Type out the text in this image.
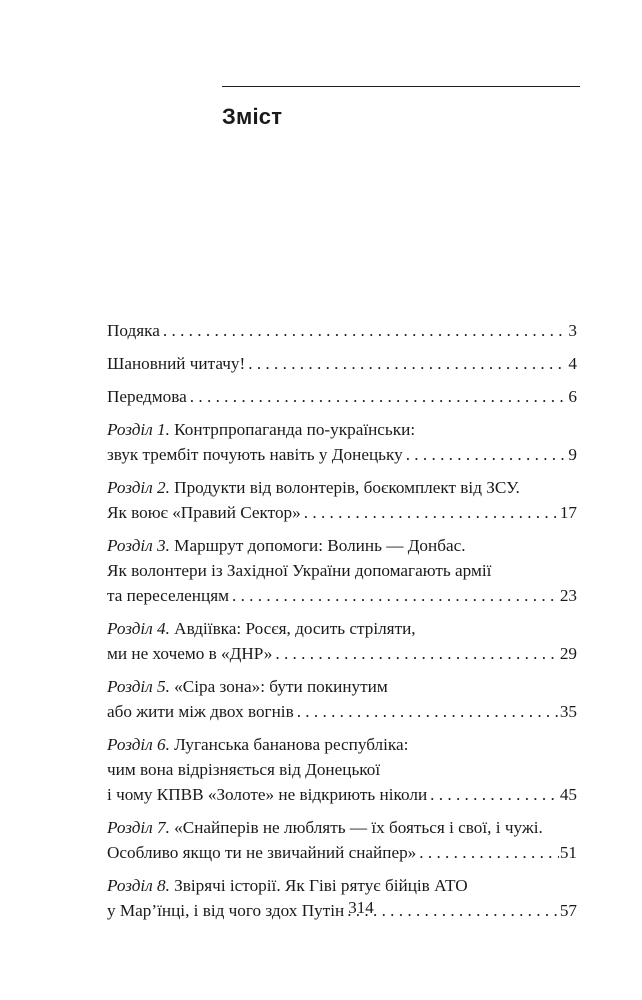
Зміст
Подяка . . .	3
Шановний читачу! . . .	4
Передмова . . .	6
Розділ 1. Контрпропаганда по-українськи:
звук трембіт почують навіть у Донецьку . . .	9
Розділ 2. Продукти від волонтерів, боєкомплект від ЗСУ.
Як воює «Правий Сектор» . . .	17
Розділ 3. Маршрут допомоги: Волинь — Донбас.
Як волонтери із Західної України допомагають армії
та переселенцям . . .	23
Розділ 4. Авдіївка: Росєя, досить стріляти,
ми не хочемо в «ДНР» . . .	29
Розділ 5. «Сіра зона»: бути покинутим
або жити між двох вогнів . . .	35
Розділ 6. Луганська банановa республіка:
чим вона відрізняється від Донецької
і чому КПВВ «Золоте» не відкриють ніколи . . .	45
Розділ 7. «Снайперів не люблять — їх бояться і свої, і чужі.
Особливо якщо ти не звичайний снайпер» . . .	51
Розділ 8. Звірячі історії. Як Гіві рятує бійців АТО
у Мар’їнці, і від чого здох Путін . . .	57
314
